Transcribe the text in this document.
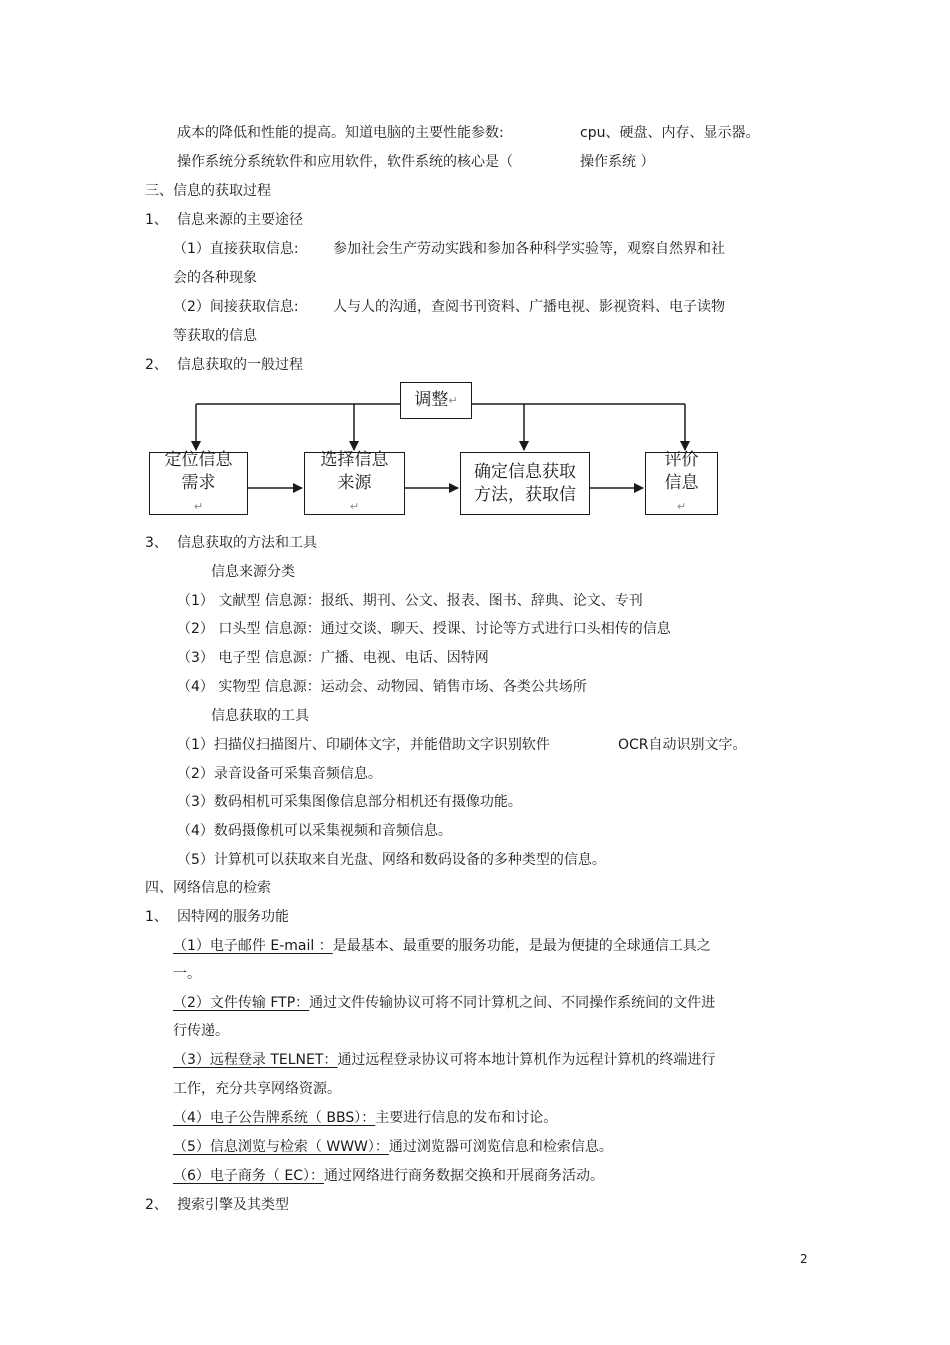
成本的降低和性能的提高。知道电脑的主要性能参数:	cpu、硬盘、内存、显示器。
操作系统分系统软件和应用软件，软件系统的核心是（	操作系统 ）
三、信息的获取过程
1、 信息来源的主要途径
（1）直接获取信息: 参加社会生产劳动实践和参加各种科学实验等，观察自然界和社
会的各种现象
（2）间接获取信息: 人与人的沟通，查阅书刊资料、广播电视、影视资料、电子读物
等获取的信息
2、 信息获取的一般过程
调整 ↵
定位信息
需求
↵
选择信息
来源
↵
确定信息获取
方法，获取信
评价
信息
↵
3、 信息获取的方法和工具
信息来源分类
（1） 文献型 信息源：报纸、期刊、公文、报表、图书、辞典、论文、专刊
（2） 口头型 信息源：通过交谈、聊天、授课、讨论等方式进行口头相传的信息
（3） 电子型 信息源：广播、电视、电话、因特网
（4） 实物型 信息源：运动会、动物园、销售市场、各类公共场所
信息获取的工具
（1）扫描仪扫描图片、印刷体文字，并能借助文字识别软件	OCR自动识别文字。
（2）录音设备可采集音频信息。
（3）数码相机可采集图像信息部分相机还有摄像功能。
（4）数码摄像机可以采集视频和音频信息。
（5）计算机可以获取来自光盘、网络和数码设备的多种类型的信息。
四、网络信息的检索
1、 因特网的服务功能
（1）电子邮件 E-mail ：是最基本、最重要的服务功能，是最为便捷的全球通信工具之
一。
（2）文件传输 FTP：通过文件传输协议可将不同计算机之间、不同操作系统间的文件进
行传递。
（3）远程登录 TELNET：通过远程登录协议可将本地计算机作为远程计算机的终端进行
工作，充分共享网络资源。
（4）电子公告牌系统（ BBS）：主要进行信息的发布和讨论。
（5）信息浏览与检索（ WWW）：通过浏览器可浏览信息和检索信息。
（6）电子商务（ EC）：通过网络进行商务数据交换和开展商务活动。
2、 搜索引擎及其类型
2
